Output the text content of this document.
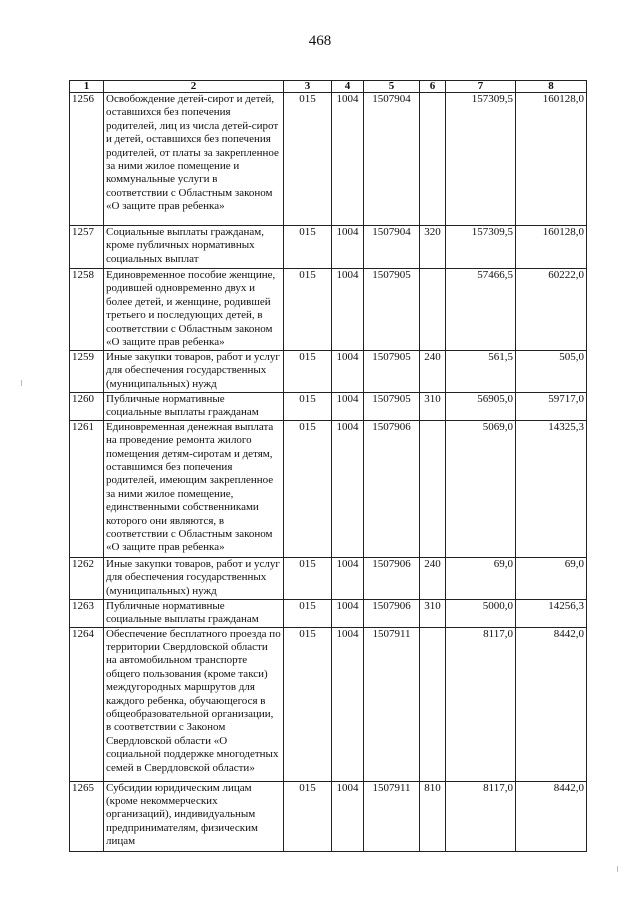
468
1	2	3	4	5	6	7	8
1256	Освобождение детей-сирот и детей, оставшихся без попечения родителей, лиц из числа детей-сирот и детей, оставшихся без попечения родителей, от платы за закрепленное за ними жилое помещение и коммунальные услуги в соответствии с Областным законом «О защите прав ребенка»	015	1004	1507904		157309,5	160128,0
1257	Социальные выплаты гражданам, кроме публичных нормативных социальных выплат	015	1004	1507904	320	157309,5	160128,0
1258	Единовременное пособие женщине, родившей одновременно двух и более детей, и женщине, родившей третьего и последующих детей, в соответствии с Областным законом «О защите прав ребенка»	015	1004	1507905		57466,5	60222,0
1259	Иные закупки товаров, работ и услуг для обеспечения государственных (муниципальных) нужд	015	1004	1507905	240	561,5	505,0
1260	Публичные нормативные социальные выплаты гражданам	015	1004	1507905	310	56905,0	59717,0
1261	Единовременная денежная выплата на проведение ремонта жилого помещения детям-сиротам и детям, оставшимся без попечения родителей, имеющим закрепленное за ними жилое помещение, единственными собственниками которого они являются, в соответствии с Областным законом «О защите прав ребенка»	015	1004	1507906		5069,0	14325,3
1262	Иные закупки товаров, работ и услуг для обеспечения государственных (муниципальных) нужд	015	1004	1507906	240	69,0	69,0
1263	Публичные нормативные социальные выплаты гражданам	015	1004	1507906	310	5000,0	14256,3
1264	Обеспечение бесплатного проезда по территории Свердловской области на автомобильном транспорте общего пользования (кроме такси) междугородных маршрутов для каждого ребенка, обучающегося в общеобразовательной организации, в соответствии с Законом Свердловской области «О социальной поддержке многодетных семей в Свердловской области»	015	1004	1507911		8117,0	8442,0
1265	Субсидии юридическим лицам (кроме некоммерческих организаций), индивидуальным предпринимателям, физическим лицам	015	1004	1507911	810	8117,0	8442,0
